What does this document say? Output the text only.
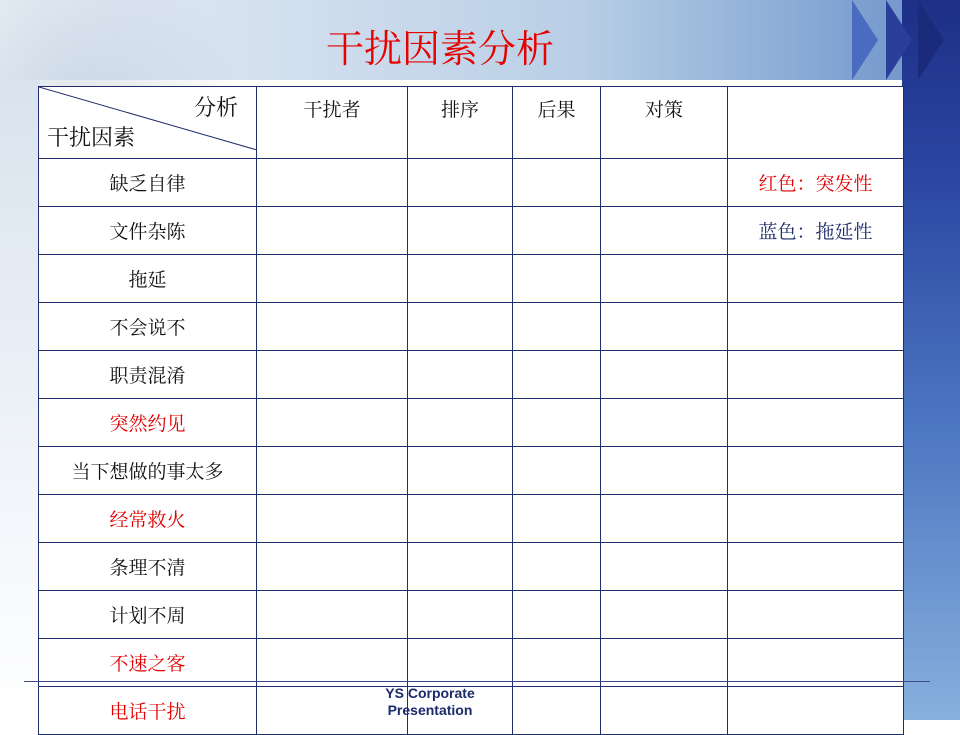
干扰因素分析
分析
干扰因素	干扰者	排序	后果	对策	
缺乏自律					红色：突发性
文件杂陈					蓝色：拖延性
拖延					
不会说不					
职责混淆					
突然约见					
当下想做的事太多					
经常救火					
条理不清					
计划不周					
不速之客					
电话干扰					
YS Corporate
Presentation
